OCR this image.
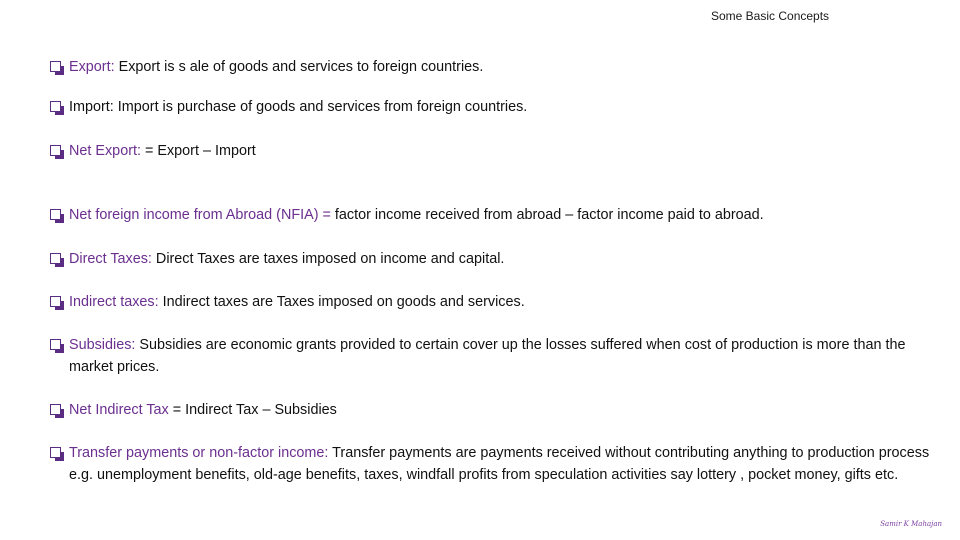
Some Basic Concepts
Export: Export is s ale of goods and services to foreign countries.
Import: Import is purchase of goods and services from foreign countries.
Net Export: = Export – Import
Net foreign income from Abroad (NFIA) = factor income received from abroad – factor income paid to abroad.
Direct Taxes: Direct Taxes are taxes imposed on income and capital.
Indirect taxes: Indirect taxes are Taxes imposed on goods and services.
Subsidies: Subsidies are economic grants provided to certain cover up the losses suffered when cost of production is more than the market prices.
Net Indirect Tax = Indirect Tax – Subsidies
Transfer payments or non-factor income: Transfer payments are payments received without contributing anything to production process e.g. unemployment benefits, old-age benefits, taxes, windfall profits from speculation activities say lottery , pocket money, gifts etc.
Samir K Mahajan
